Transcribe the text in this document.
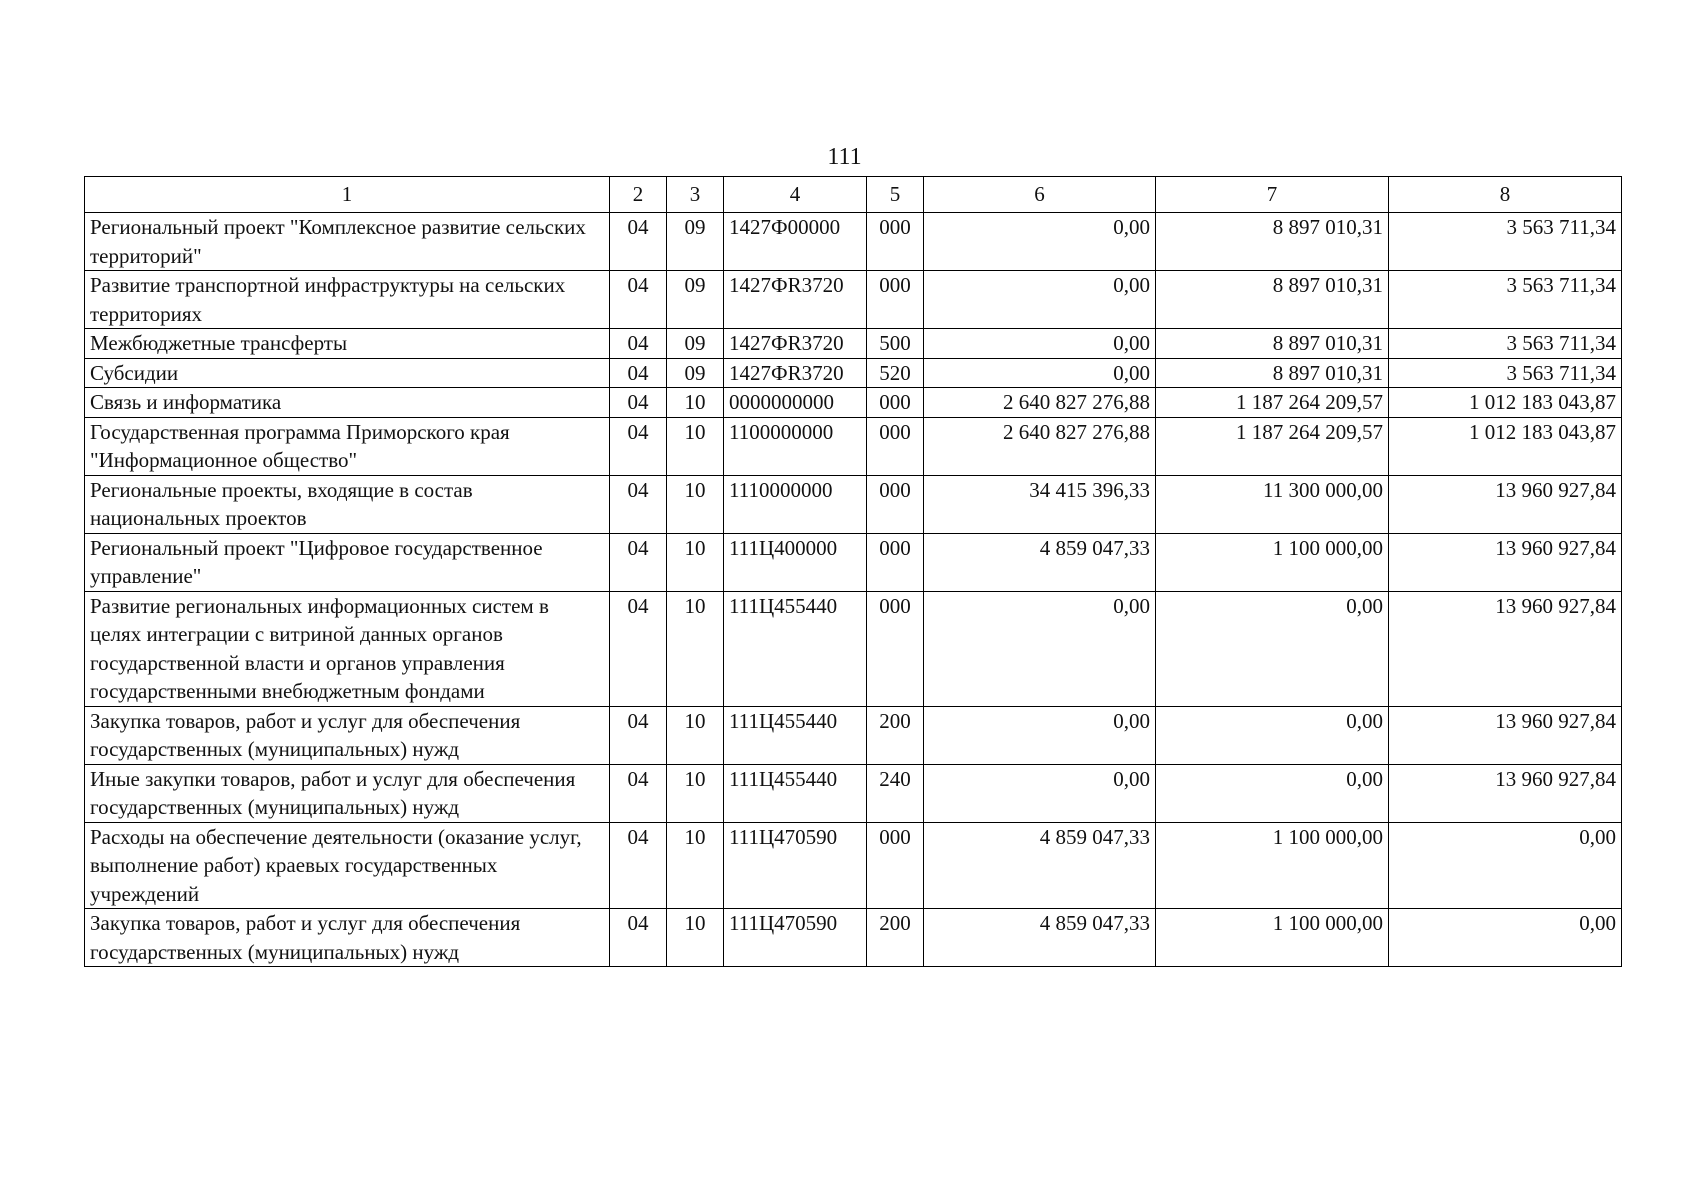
111
1	2	3	4	5	6	7	8
Региональный проект "Комплексное развитие сельских территорий"	04	09	1427Ф00000	000	0,00	8 897 010,31	3 563 711,34
Развитие транспортной инфраструктуры на сельских территориях	04	09	1427ФR3720	000	0,00	8 897 010,31	3 563 711,34
Межбюджетные трансферты	04	09	1427ФR3720	500	0,00	8 897 010,31	3 563 711,34
Субсидии	04	09	1427ФR3720	520	0,00	8 897 010,31	3 563 711,34
Связь и информатика	04	10	0000000000	000	2 640 827 276,88	1 187 264 209,57	1 012 183 043,87
Государственная программа Приморского края "Информационное общество"	04	10	1100000000	000	2 640 827 276,88	1 187 264 209,57	1 012 183 043,87
Региональные проекты, входящие в состав национальных проектов	04	10	1110000000	000	34 415 396,33	11 300 000,00	13 960 927,84
Региональный проект "Цифровое государственное управление"	04	10	111Ц400000	000	4 859 047,33	1 100 000,00	13 960 927,84
Развитие региональных информационных систем в целях интеграции с витриной данных органов государственной власти и органов управления государственными внебюджетным фондами	04	10	111Ц455440	000	0,00	0,00	13 960 927,84
Закупка товаров, работ и услуг для обеспечения государственных (муниципальных) нужд	04	10	111Ц455440	200	0,00	0,00	13 960 927,84
Иные закупки товаров, работ и услуг для обеспечения государственных (муниципальных) нужд	04	10	111Ц455440	240	0,00	0,00	13 960 927,84
Расходы на обеспечение деятельности (оказание услуг, выполнение работ) краевых государственных учреждений	04	10	111Ц470590	000	4 859 047,33	1 100 000,00	0,00
Закупка товаров, работ и услуг для обеспечения государственных (муниципальных) нужд	04	10	111Ц470590	200	4 859 047,33	1 100 000,00	0,00
